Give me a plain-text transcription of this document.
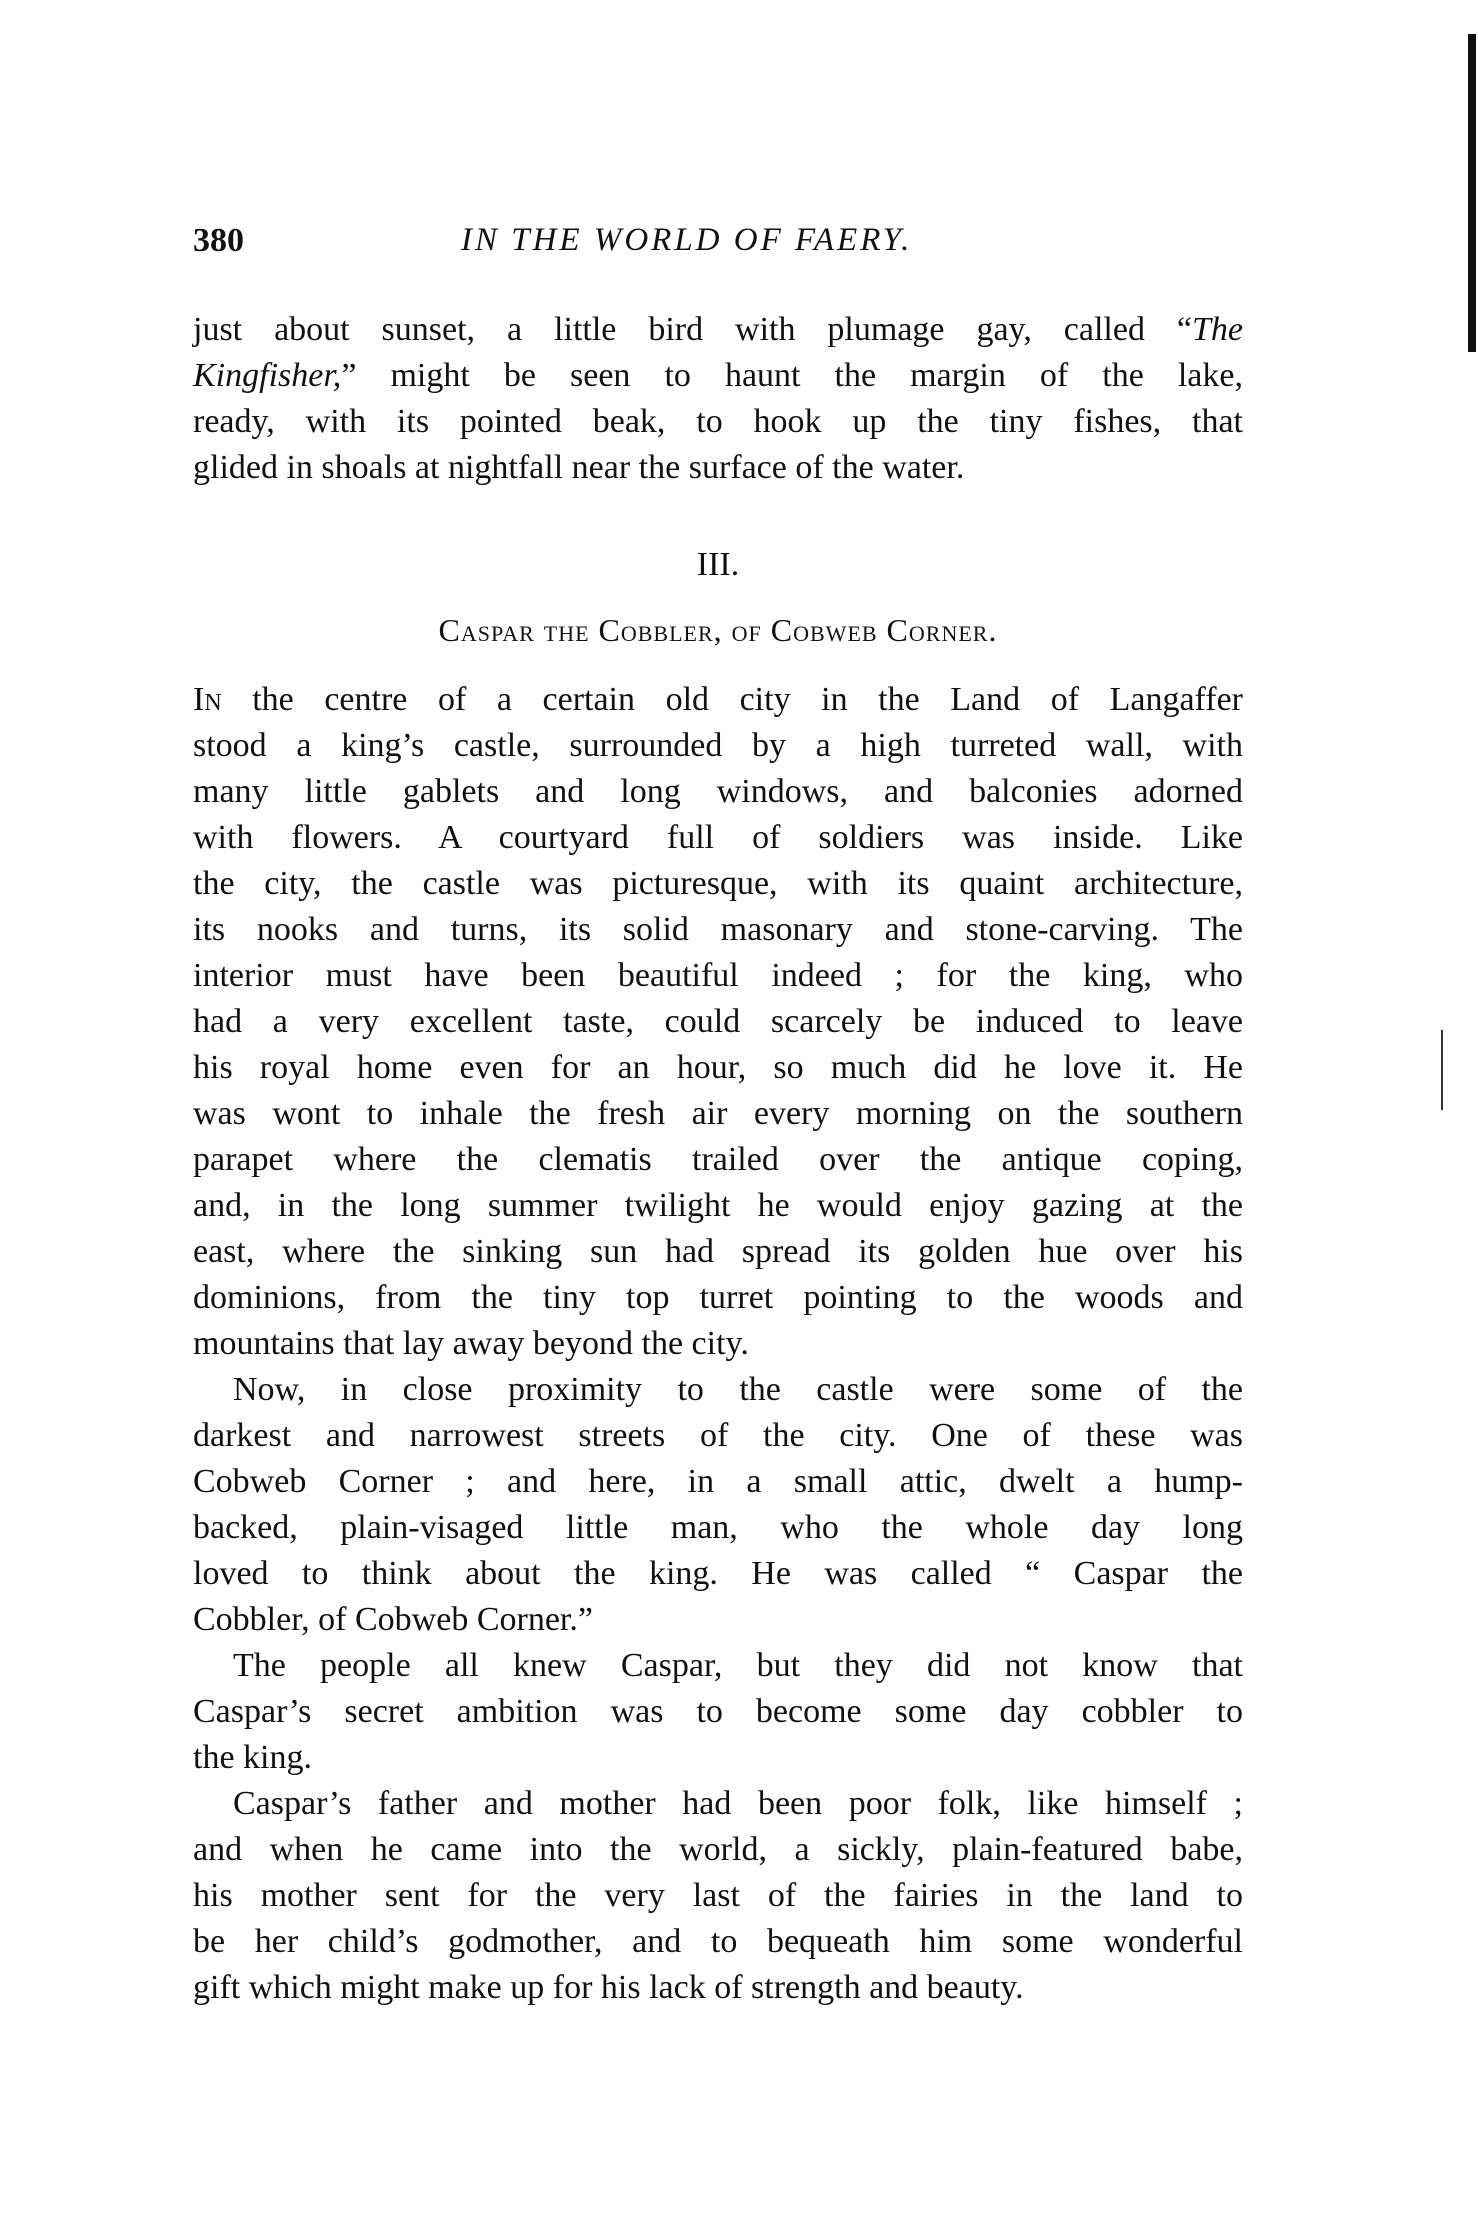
380	IN THE WORLD OF FAERY.
just about sunset, a little bird with plumage gay, called “The
Kingfisher,” might be seen to haunt the margin of the lake,
ready, with its pointed beak, to hook up the tiny fishes, that
glided in shoals at nightfall near the surface of the water.
III.
Caspar the Cobbler, of Cobweb Corner.
In the centre of a certain old city in the Land of Langaffer
stood a king’s castle, surrounded by a high turreted wall, with
many little gablets and long windows, and balconies adorned
with flowers. A courtyard full of soldiers was inside. Like
the city, the castle was picturesque, with its quaint architecture,
its nooks and turns, its solid masonary and stone-carving. The
interior must have been beautiful indeed ; for the king, who
had a very excellent taste, could scarcely be induced to leave
his royal home even for an hour, so much did he love it. He
was wont to inhale the fresh air every morning on the southern
parapet where the clematis trailed over the antique coping,
and, in the long summer twilight he would enjoy gazing at the
east, where the sinking sun had spread its golden hue over his
dominions, from the tiny top turret pointing to the woods and
mountains that lay away beyond the city.
Now, in close proximity to the castle were some of the
darkest and narrowest streets of the city. One of these was
Cobweb Corner ; and here, in a small attic, dwelt a hump-
backed, plain-visaged little man, who the whole day long
loved to think about the king. He was called “ Caspar the
Cobbler, of Cobweb Corner.”
The people all knew Caspar, but they did not know that
Caspar’s secret ambition was to become some day cobbler to
the king.
Caspar’s father and mother had been poor folk, like himself ;
and when he came into the world, a sickly, plain-featured babe,
his mother sent for the very last of the fairies in the land to
be her child’s godmother, and to bequeath him some wonderful
gift which might make up for his lack of strength and beauty.
